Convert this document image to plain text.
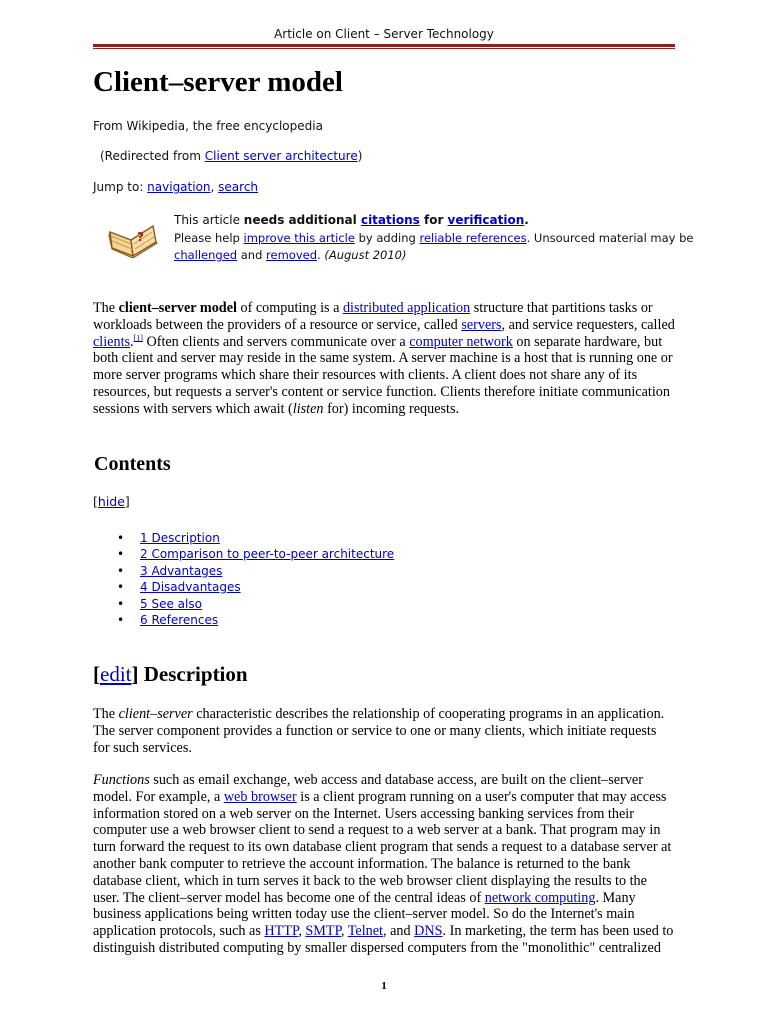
Article on Client – Server Technology
Client–server model
From Wikipedia, the free encyclopedia
(Redirected from Client server architecture)
Jump to: navigation, search
?
This article needs additional citations for verification.
Please help improve this article by adding reliable references. Unsourced material may be
challenged and removed. (August 2010)

The client–server model of computing is a distributed application structure that partitions tasks or workloads between the providers of a resource or service, called servers, and service requesters, called clients.[1] Often clients and servers communicate over a computer network on separate hardware, but both client and server may reside in the same system. A server machine is a host that is running one or more server programs which share their resources with clients. A client does not share any of its resources, but requests a server's content or service function. Clients therefore initiate communication sessions with servers which await (listen for) incoming requests.

Contents
[hide]
• 1 Description
• 2 Comparison to peer-to-peer architecture
• 3 Advantages
• 4 Disadvantages
• 5 See also
• 6 References
[edit] Description

The client–server characteristic describes the relationship of cooperating programs in an application. The server component provides a function or service to one or many clients, which initiate requests for such services.

Functions such as email exchange, web access and database access, are built on the client–server model. For example, a web browser is a client program running on a user's computer that may access information stored on a web server on the Internet. Users accessing banking services from their computer use a web browser client to send a request to a web server at a bank. That program may in turn forward the request to its own database client program that sends a request to a database server at another bank computer to retrieve the account information. The balance is returned to the bank database client, which in turn serves it back to the web browser client displaying the results to the user. The client–server model has become one of the central ideas of network computing. Many business applications being written today use the client–server model. So do the Internet's main application protocols, such as HTTP, SMTP, Telnet, and DNS. In marketing, the term has been used to distinguish distributed computing by smaller dispersed computers from the "monolithic" centralized

1
